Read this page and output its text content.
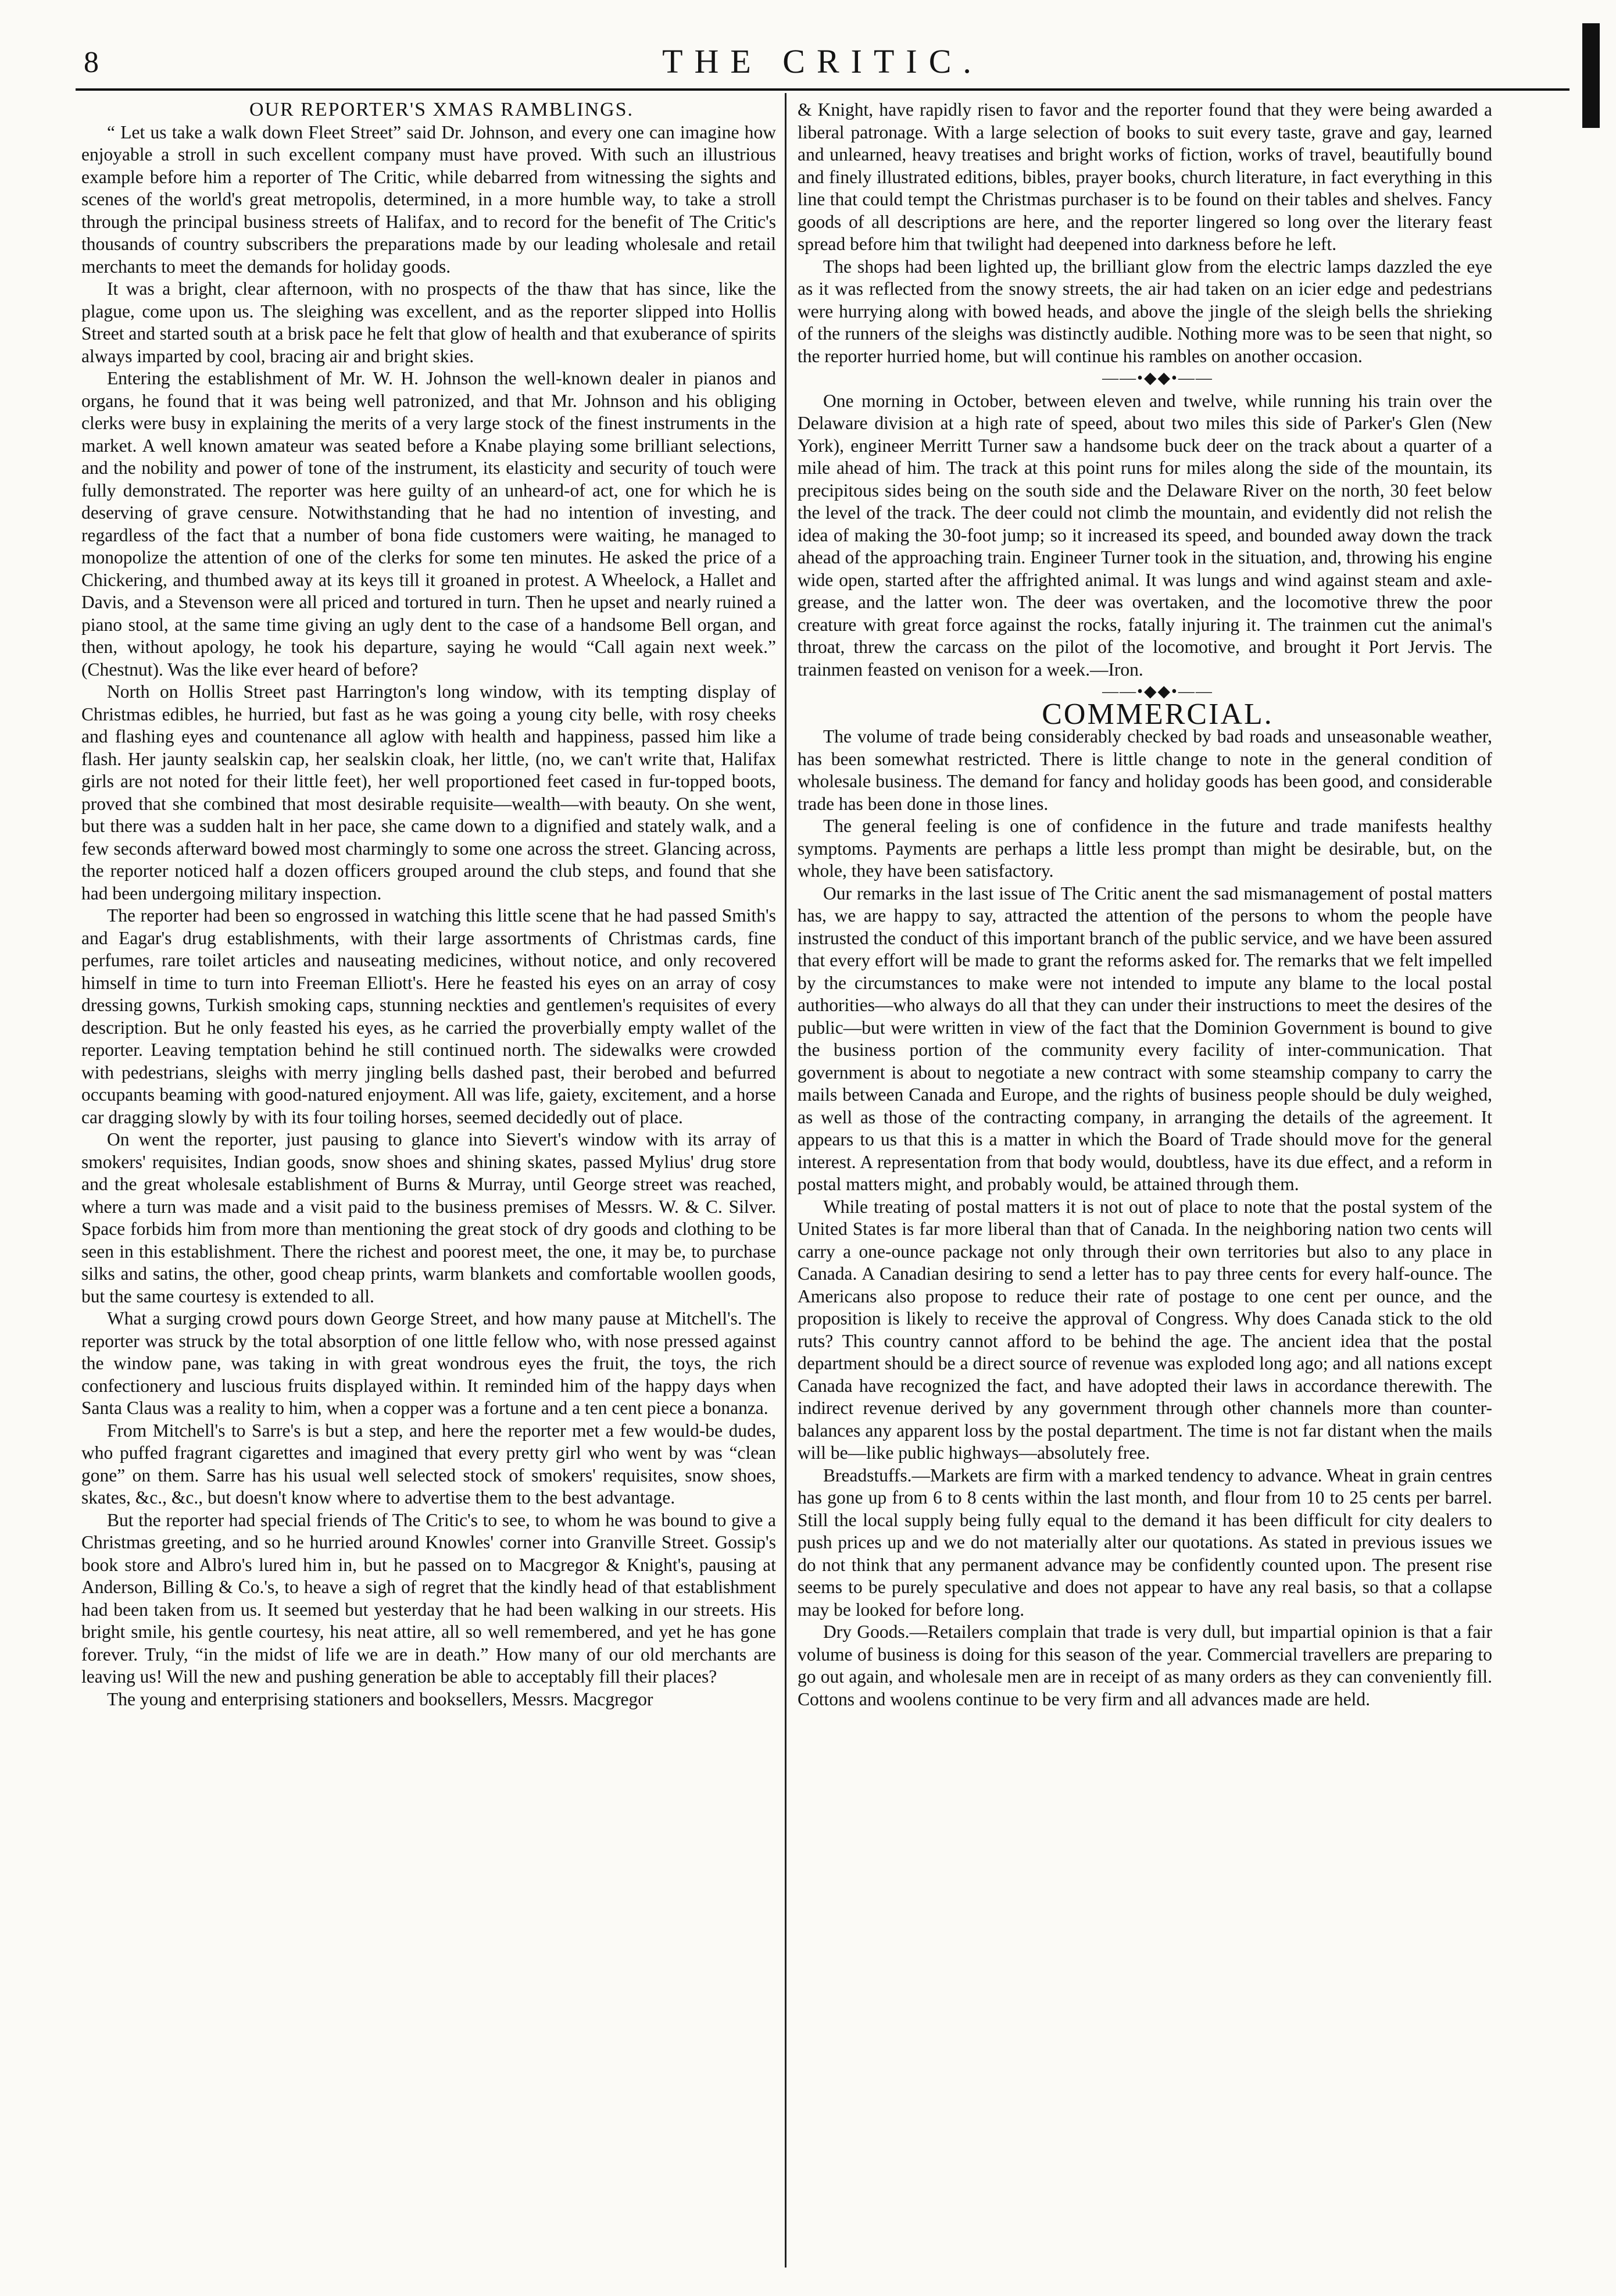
8	THE CRITIC.

OUR REPORTER'S XMAS RAMBLINGS.

“ Let us take a walk down Fleet Street” said Dr. Johnson, and every one can imagine how enjoyable a stroll in such excellent company must have proved. With such an illustrious example before him a reporter of The Critic, while debarred from witnessing the sights and scenes of the world's great metropolis, determined, in a more humble way, to take a stroll through the principal business streets of Halifax, and to record for the benefit of The Critic's thousands of country subscribers the preparations made by our leading wholesale and retail merchants to meet the demands for holiday goods.

It was a bright, clear afternoon, with no prospects of the thaw that has since, like the plague, come upon us. The sleighing was excellent, and as the reporter slipped into Hollis Street and started south at a brisk pace he felt that glow of health and that exuberance of spirits always imparted by cool, bracing air and bright skies.

Entering the establishment of Mr. W. H. Johnson the well-known dealer in pianos and organs, he found that it was being well patronized, and that Mr. Johnson and his obliging clerks were busy in explaining the merits of a very large stock of the finest instruments in the market. A well known amateur was seated before a Knabe playing some brilliant selections, and the nobility and power of tone of the instrument, its elasticity and security of touch were fully demonstrated. The reporter was here guilty of an unheard-of act, one for which he is deserving of grave censure. Notwithstanding that he had no intention of investing, and regardless of the fact that a number of bona fide customers were waiting, he managed to monopolize the attention of one of the clerks for some ten minutes. He asked the price of a Chickering, and thumbed away at its keys till it groaned in protest. A Wheelock, a Hallet and Davis, and a Stevenson were all priced and tortured in turn. Then he upset and nearly ruined a piano stool, at the same time giving an ugly dent to the case of a handsome Bell organ, and then, without apology, he took his departure, saying he would “Call again next week.” (Chestnut). Was the like ever heard of before?

North on Hollis Street past Harrington's long window, with its tempting display of Christmas edibles, he hurried, but fast as he was going a young city belle, with rosy cheeks and flashing eyes and countenance all aglow with health and happiness, passed him like a flash. Her jaunty sealskin cap, her sealskin cloak, her little, (no, we can't write that, Halifax girls are not noted for their little feet), her well proportioned feet cased in fur-topped boots, proved that she combined that most desirable requisite—wealth—with beauty. On she went, but there was a sudden halt in her pace, she came down to a dignified and stately walk, and a few seconds afterward bowed most charmingly to some one across the street. Glancing across, the reporter noticed half a dozen officers grouped around the club steps, and found that she had been undergoing military inspection.

The reporter had been so engrossed in watching this little scene that he had passed Smith's and Eagar's drug establishments, with their large assortments of Christmas cards, fine perfumes, rare toilet articles and nauseating medicines, without notice, and only recovered himself in time to turn into Freeman Elliott's. Here he feasted his eyes on an array of cosy dressing gowns, Turkish smoking caps, stunning neckties and gentlemen's requisites of every description. But he only feasted his eyes, as he carried the proverbially empty wallet of the reporter. Leaving temptation behind he still continued north. The sidewalks were crowded with pedestrians, sleighs with merry jingling bells dashed past, their berobed and befurred occupants beaming with good-natured enjoyment. All was life, gaiety, excitement, and a horse car dragging slowly by with its four toiling horses, seemed decidedly out of place.

On went the reporter, just pausing to glance into Sievert's window with its array of smokers' requisites, Indian goods, snow shoes and shining skates, passed Mylius' drug store and the great wholesale establishment of Burns & Murray, until George street was reached, where a turn was made and a visit paid to the business premises of Messrs. W. & C. Silver. Space forbids him from more than mentioning the great stock of dry goods and clothing to be seen in this establishment. There the richest and poorest meet, the one, it may be, to purchase silks and satins, the other, good cheap prints, warm blankets and comfortable woollen goods, but the same courtesy is extended to all.

What a surging crowd pours down George Street, and how many pause at Mitchell's. The reporter was struck by the total absorption of one little fellow who, with nose pressed against the window pane, was taking in with great wondrous eyes the fruit, the toys, the rich confectionery and luscious fruits displayed within. It reminded him of the happy days when Santa Claus was a reality to him, when a copper was a fortune and a ten cent piece a bonanza.

From Mitchell's to Sarre's is but a step, and here the reporter met a few would-be dudes, who puffed fragrant cigarettes and imagined that every pretty girl who went by was “clean gone” on them. Sarre has his usual well selected stock of smokers' requisites, snow shoes, skates, &c., &c., but doesn't know where to advertise them to the best advantage.

But the reporter had special friends of The Critic's to see, to whom he was bound to give a Christmas greeting, and so he hurried around Knowles' corner into Granville Street. Gossip's book store and Albro's lured him in, but he passed on to Macgregor & Knight's, pausing at Anderson, Billing & Co.'s, to heave a sigh of regret that the kindly head of that establishment had been taken from us. It seemed but yesterday that he had been walking in our streets. His bright smile, his gentle courtesy, his neat attire, all so well remembered, and yet he has gone forever. Truly, “in the midst of life we are in death.” How many of our old merchants are leaving us! Will the new and pushing generation be able to acceptably fill their places?

The young and enterprising stationers and booksellers, Messrs. Macgregor

& Knight, have rapidly risen to favor and the reporter found that they were being awarded a liberal patronage. With a large selection of books to suit every taste, grave and gay, learned and unlearned, heavy treatises and bright works of fiction, works of travel, beautifully bound and finely illustrated editions, bibles, prayer books, church literature, in fact everything in this line that could tempt the Christmas purchaser is to be found on their tables and shelves. Fancy goods of all descriptions are here, and the reporter lingered so long over the literary feast spread before him that twilight had deepened into darkness before he left.

The shops had been lighted up, the brilliant glow from the electric lamps dazzled the eye as it was reflected from the snowy streets, the air had taken on an icier edge and pedestrians were hurrying along with bowed heads, and above the jingle of the sleigh bells the shrieking of the runners of the sleighs was distinctly audible. Nothing more was to be seen that night, so the reporter hurried home, but will continue his rambles on another occasion.

——•◆◆•——

One morning in October, between eleven and twelve, while running his train over the Delaware division at a high rate of speed, about two miles this side of Parker's Glen (New York), engineer Merritt Turner saw a handsome buck deer on the track about a quarter of a mile ahead of him. The track at this point runs for miles along the side of the mountain, its precipitous sides being on the south side and the Delaware River on the north, 30 feet below the level of the track. The deer could not climb the mountain, and evidently did not relish the idea of making the 30-foot jump; so it increased its speed, and bounded away down the track ahead of the approaching train. Engineer Turner took in the situation, and, throwing his engine wide open, started after the affrighted animal. It was lungs and wind against steam and axle-grease, and the latter won. The deer was overtaken, and the locomotive threw the poor creature with great force against the rocks, fatally injuring it. The trainmen cut the animal's throat, threw the carcass on the pilot of the locomotive, and brought it Port Jervis. The trainmen feasted on venison for a week.—Iron.

——•◆◆•——

COMMERCIAL.

The volume of trade being considerably checked by bad roads and unseasonable weather, has been somewhat restricted. There is little change to note in the general condition of wholesale business. The demand for fancy and holiday goods has been good, and considerable trade has been done in those lines.

The general feeling is one of confidence in the future and trade manifests healthy symptoms. Payments are perhaps a little less prompt than might be desirable, but, on the whole, they have been satisfactory.

Our remarks in the last issue of The Critic anent the sad mismanagement of postal matters has, we are happy to say, attracted the attention of the persons to whom the people have instrusted the conduct of this important branch of the public service, and we have been assured that every effort will be made to grant the reforms asked for. The remarks that we felt impelled by the circumstances to make were not intended to impute any blame to the local postal authorities—who always do all that they can under their instructions to meet the desires of the public—but were written in view of the fact that the Dominion Government is bound to give the business portion of the community every facility of inter-communication. That government is about to negotiate a new contract with some steamship company to carry the mails between Canada and Europe, and the rights of business people should be duly weighed, as well as those of the contracting company, in arranging the details of the agreement. It appears to us that this is a matter in which the Board of Trade should move for the general interest. A representation from that body would, doubtless, have its due effect, and a reform in postal matters might, and probably would, be attained through them.

While treating of postal matters it is not out of place to note that the postal system of the United States is far more liberal than that of Canada. In the neighboring nation two cents will carry a one-ounce package not only through their own territories but also to any place in Canada. A Canadian desiring to send a letter has to pay three cents for every half-ounce. The Americans also propose to reduce their rate of postage to one cent per ounce, and the proposition is likely to receive the approval of Congress. Why does Canada stick to the old ruts? This country cannot afford to be behind the age. The ancient idea that the postal department should be a direct source of revenue was exploded long ago; and all nations except Canada have recognized the fact, and have adopted their laws in accordance therewith. The indirect revenue derived by any government through other channels more than counter-balances any apparent loss by the postal department. The time is not far distant when the mails will be—like public highways—absolutely free.

Breadstuffs.—Markets are firm with a marked tendency to advance. Wheat in grain centres has gone up from 6 to 8 cents within the last month, and flour from 10 to 25 cents per barrel. Still the local supply being fully equal to the demand it has been difficult for city dealers to push prices up and we do not materially alter our quotations. As stated in previous issues we do not think that any permanent advance may be confidently counted upon. The present rise seems to be purely speculative and does not appear to have any real basis, so that a collapse may be looked for before long.

Dry Goods.—Retailers complain that trade is very dull, but impartial opinion is that a fair volume of business is doing for this season of the year. Commercial travellers are preparing to go out again, and wholesale men are in receipt of as many orders as they can conveniently fill. Cottons and woolens continue to be very firm and all advances made are held.
